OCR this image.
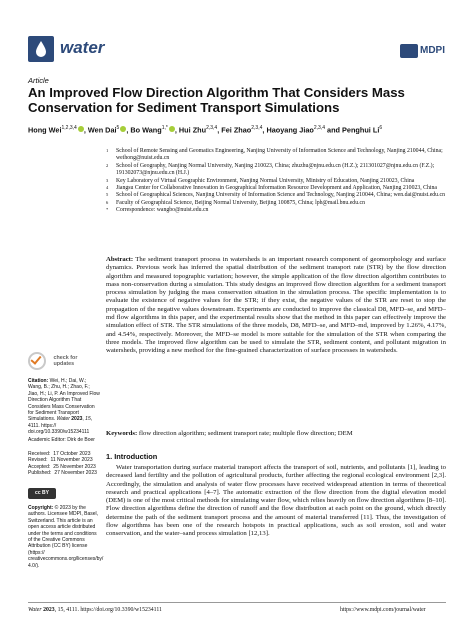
water	MDPI
Article
An Improved Flow Direction Algorithm That Considers Mass Conservation for Sediment Transport Simulations
Hong Wei$^{1,2,3,4}$ , Wen Dai$^5$ , Bo Wang$^{1,*}$ , Hui Zhu$^{2,3,4}$, Fei Zhao$^{2,3,4}$, Haoyang Jiao$^{2,3,4}$ and Penghui Li$^6$
1 School of Remote Sensing and Geomatics Engineering, Nanjing University of Information Science and Technology, Nanjing 210044, China; weihong@nuist.edu.cn
2 School of Geography, Nanjing Normal University, Nanjing 210023, China; zhuzhu@njnu.edu.cn (H.Z.); 211301027@njnu.edu.cn (F.Z.); 191302073@njnu.edu.cn (H.J.)
3 Key Laboratory of Virtual Geographic Environment, Nanjing Normal University, Ministry of Education, Nanjing 210023, China
4 Jiangsu Center for Collaborative Innovation in Geographical Information Resource Development and Application, Nanjing 210023, China
5 School of Geographical Sciences, Nanjing University of Information Science and Technology, Nanjing 210044, China; wen.dai@nuist.edu.cn
6 Faculty of Geographical Science, Beijing Normal University, Beijing 100875, China; lph@mail.bnu.edu.cn
* Correspondence: wangbo@nuist.edu.cn
Abstract: The sediment transport process in watersheds is an important research component of geomorphology and surface dynamics. Previous work has inferred the spatial distribution of the sediment transport rate (STR) by the flow direction algorithm and measured topographic variation; however, the simple application of the flow direction algorithm contributes to mass non-conservation during a simulation. This study designs an improved flow direction algorithm for a sediment transport process simulation by judging the mass conservation situation in the simulation process. The specific implementation is to evaluate the existence of negative values for the STR; if they exist, the negative values of the STR are reset to stop the propagation of the negative values downstream. Experiments are conducted to improve the classical D8, MFD–se, and MFD–md flow algorithms in this paper, and the experimental results show that the method in this paper can effectively improve the simulation effect of STR. The STR simulations of the three models, D8, MFD–se, and MFD–md, improved by 1.26%, 4.17%, and 4.54%, respectively. Moreover, the MFD–se model is more suitable for the simulation of the STR when comparing the three models. The improved flow algorithm can be used to simulate the STR, sediment content, and pollutant migration in watersheds, providing a new method for the fine-grained characterization of surface processes in watersheds.
Keywords: flow direction algorithm; sediment transport rate; multiple flow direction; DEM
1. Introduction
Water transportation during surface material transport affects the transport of soil, nutrients, and pollutants [1], leading to decreased land fertility and the pollution of agricultural products, further affecting the regional ecological environment [2,3]. Accordingly, the simulation and analysis of water flow processes have received widespread attention in terms of theoretical research and practical applications [4–7]. The automatic extraction of the flow direction from the digital elevation model (DEM) is one of the most critical methods for simulating water flow, which relies heavily on flow direction algorithms [8–10]. Flow direction algorithms define the direction of runoff and the flow distribution at each point on the ground, which directly determine the path of the sediment transport process and the amount of material transferred [11]. Thus, the investigation of flow algorithms has been one of the research hotspots in practical applications, such as soil erosion, soil and water conservation, and the water–sand process simulation [12,13].
check for
updates
Citation: Wei, H.; Dai, W.; Wang, B.; Zhu, H.; Zhao, F.; Jiao, H.; Li, P. An Improved Flow Direction Algorithm That Considers Mass Conservation for Sediment Transport Simulations. Water 2023, 15, 4111. https:// doi.org/10.3390/w15234111
Academic Editor: Dirk de Boer
Received: 17 October 2023
Revised: 11 November 2023
Accepted: 25 November 2023
Published: 27 November 2023
cc BY
Copyright: © 2023 by the authors. Licensee MDPI, Basel, Switzerland. This article is an open access article distributed under the terms and conditions of the Creative Commons Attribution (CC BY) license (https:// creativecommons.org/licenses/by/ 4.0/).
Water 2023, 15, 4111. https://doi.org/10.3390/w15234111	https://www.mdpi.com/journal/water
